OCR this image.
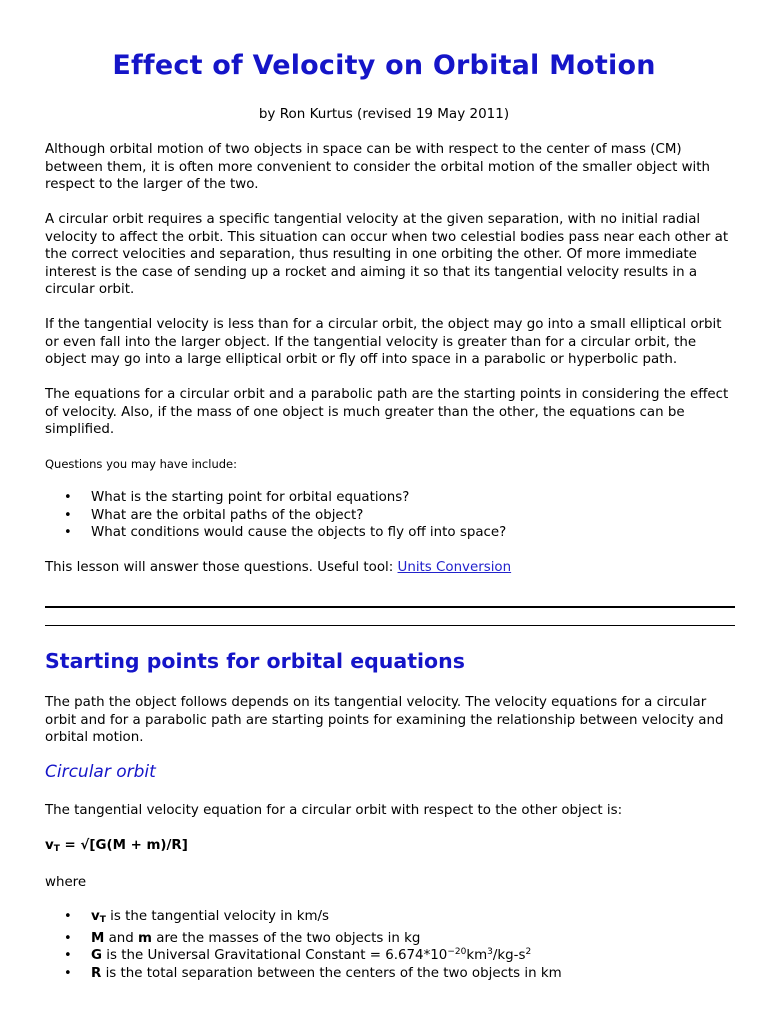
Effect of Velocity on Orbital Motion

by Ron Kurtus (revised 19 May 2011)

Although orbital motion of two objects in space can be with respect to the center of mass (CM) between them, it is often more convenient to consider the orbital motion of the smaller object with respect to the larger of the two.

A circular orbit requires a specific tangential velocity at the given separation, with no initial radial velocity to affect the orbit. This situation can occur when two celestial bodies pass near each other at the correct velocities and separation, thus resulting in one orbiting the other. Of more immediate interest is the case of sending up a rocket and aiming it so that its tangential velocity results in a circular orbit.

If the tangential velocity is less than for a circular orbit, the object may go into a small elliptical orbit or even fall into the larger object. If the tangential velocity is greater than for a circular orbit, the object may go into a large elliptical orbit or fly off into space in a parabolic or hyperbolic path.

The equations for a circular orbit and a parabolic path are the starting points in considering the effect of velocity. Also, if the mass of one object is much greater than the other, the equations can be simplified.

Questions you may have include:

• What is the starting point for orbital equations?
• What are the orbital paths of the object?
• What conditions would cause the objects to fly off into space?

This lesson will answer those questions. Useful tool: Units Conversion

Starting points for orbital equations

The path the object follows depends on its tangential velocity. The velocity equations for a circular orbit and for a parabolic path are starting points for examining the relationship between velocity and orbital motion.

Circular orbit

The tangential velocity equation for a circular orbit with respect to the other object is:

$v_T = √[G(M + m)/R]$

where

• $v_T$ is the tangential velocity in km/s
• M and m are the masses of the two objects in kg
• G is the Universal Gravitational Constant = $6.674*10^{-20}km^3/kg-s^2$
• R is the total separation between the centers of the two objects in km
